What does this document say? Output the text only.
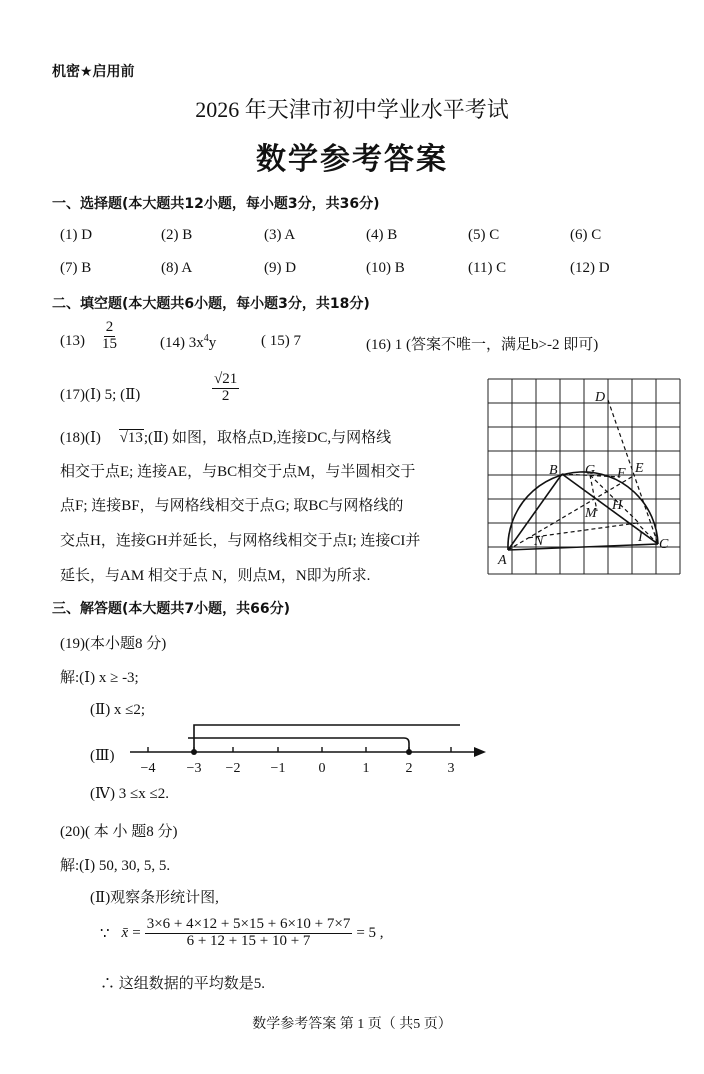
机密★启用前
2026 年天津市初中学业水平考试
数学参考答案
一、选择题(本大题共12小题，每小题3分，共36分)
(1) D	(2) B	(3) A	(4) B	(5) C	(6) C
(7) B	(8) A	(9) D	(10) B	(11) C	(12) D
二、填空题(本大题共6小题，每小题3分，共18分)
$(13) \frac{2}{15}$	(14) $3x^4y$	( 15) 7	(16) 1 (答案不唯一，满足b>-2 即可)
(17)(Ⅰ) 5; (Ⅱ)	$\frac{√21}{2}$
(18)(Ⅰ) √13;(Ⅱ) 如图，取格点D,连接DC,与网格线
相交于点E; 连接AE，与BC相交于点M，与半圆相交于
点F; 连接BF，与网格线相交于点G; 取BC与网格线的
交点H，连接GH并延长，与网格线相交于点I; 连接CI并
延长，与AM 相交于点 N，则点M，N即为所求.
D
E
F
B G
H
M
N	I C
A
三、解答题(本大题共7小题，共66分)
(19)(本小题8 分)
解:(Ⅰ) x ≥ -3;
(Ⅱ) x ≤2;
(Ⅲ)
−4 −3 −2 −1 0	1	2	3
(Ⅳ) 3 ≤x ≤2.
(20)( 本 小 题8 分)
解:(Ⅰ) 50, 30, 5, 5.
(Ⅱ)观察条形统计图,
∵ x̄ = $\frac{3\times 6 + 4\times 12 + 5\times 15 + 6\times 10 + 7\times 7}{6 + 12 + 15 + 10 + 7} = 5$ ,
∴ 这组数据的平均数是5.
数学参考答案 第 1 页（ 共5 页）
